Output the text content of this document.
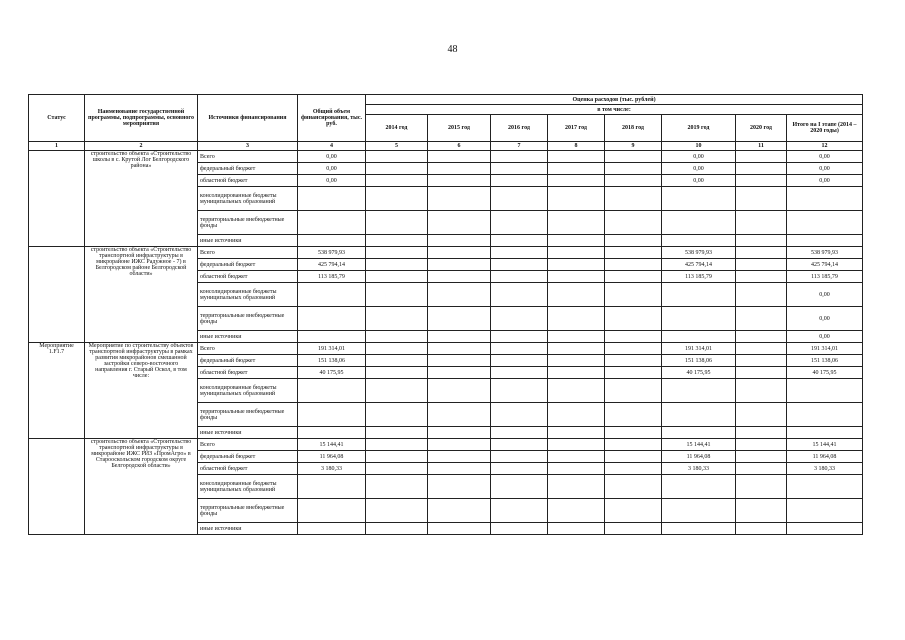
48
Статус	Наименование государственной программы, подпрограммы, основного мероприятия	Источники финансирования	Общий объем финансирования, тыс. руб.	Оценка расходов (тыс. рублей)							
				в том числе:							
				2014 год	2015 год	2016 год	2017 год	2018 год	2019 год	2020 год	Итого на I этапе (2014 – 2020 годы)
1	2	3	4	5	6	7	8	9	10	11	12
	строительство объекта «Строительство школы в с. Крутой Лог Белгородского района»	Всего	0,00						0,00		0,00
		федеральный бюджет	0,00						0,00		0,00
		областной бюджет	0,00						0,00		0,00
		консолидированные бюджеты муниципальных образований									
		территориальные внебюджетные фонды									
		иные источники									
	строительство объекта «Строительство транспортной инфраструктуры в микрорайоне ИЖС Радужное - 7) в Белгородском районе Белгородской области»	Всего	538 979,93						538 979,93		538 979,93
		федеральный бюджет	425 794,14						425 794,14		425 794,14
		областной бюджет	113 185,79						113 185,79		113 185,79
		консолидированные бюджеты муниципальных образований									0,00
		территориальные внебюджетные фонды									0,00
		иные источники									0,00
Мероприятие 1.F1.7	Мероприятие по строительству объектов транспортной инфраструктуры в рамках развития микрорайонов смешанной застройки северо-восточного направления г. Старый Оскол, в том числе:	Всего	191 314,01						191 314,01		191 314,01
		федеральный бюджет	151 138,06						151 138,06		151 138,06
		областной бюджет	40 175,95						40 175,95		40 175,95
		консолидированные бюджеты муниципальных образований									
		территориальные внебюджетные фонды									
		иные источники									
	строительство объекта «Строительство транспортной инфраструктуры в микрорайоне ИЖС РИЗ «ПромАгро» в Старооскольском городском округе Белгородской области»	Всего	15 144,41						15 144,41		15 144,41
		федеральный бюджет	11 964,08						11 964,08		11 964,08
		областной бюджет	3 180,33						3 180,33		3 180,33
		консолидированные бюджеты муниципальных образований									
		территориальные внебюджетные фонды									
		иные источники									
